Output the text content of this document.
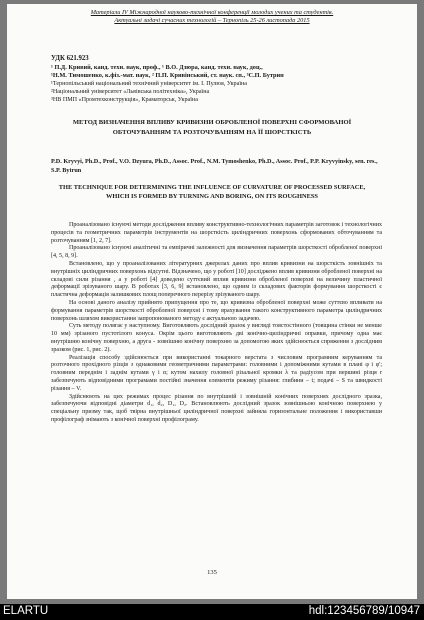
Матеріали IV Міжнародної науково-технічної конференції молодих учених та студентів.
Актуальні задачі сучасних технологій – Тернопіль 25-26 листопада 2015
УДК 621.923
¹ П.Д. Кривий, канд. техн. наук, проф., ¹ В.О. Дзюра, канд. техн. наук, доц.,
¹Н.М. Тимошенко, к.фіз.-мат. наук, ² П.П. Кривінський, ст. наук. сп., ³С.П. Бутрин
¹Тернопільський національний технічний університет ім. І. Пулюя, Україна
²Національний університет «Львівська політехніка», Україна
³НВ ПМП «Промтехконструкція», Краматорськ, Україна
МЕТОД ВИЗНАЧЕННЯ ВПЛИВУ КРИВИЗНИ ОБРОБЛЕНОЇ ПОВЕРХНІ СФОРМОВАНОЇ ОБТОЧУВАННЯМ ТА РОЗТОЧУВАННЯМ НА ЇЇ ШОРСТКІСТЬ
P.D. Kryvyi, Ph.D., Prof., V.O. Dzyura, Ph.D., Assoc. Prof., N.M. Tymoshenko, Ph.D., Assoc. Prof., P.P. Kryvyinsky, sen. res., S.P. Bytrun
THE TECHNIQUE FOR DETERMINING THE INFLUENCE OF CURVATURE OF PROCESSED SURFACE, WHICH IS FORMED BY TURNING AND BORING, ON ITS ROUGHNESS

Проаналізовано існуючі методи дослідження впливу конструктивно-технологічних параметрів заготовок і технологічних процесів та геометричних параметрів інструментів на шорсткість циліндричних поверхонь сформованих обточуванням та розточуванням [1, 2, 7].

Проаналізовано існуючі аналітичні та емпіричні залежності для визначення параметрів шорсткості обробленої поверхні [4, 5, 8, 9].

Встановлено, що у проаналізованих літературних джерелах даних про вплив кривизни на шорсткість зовнішніх та внутрішніх циліндричних поверхонь відсутні. Відзначено, що у роботі [10] досліджено вплив кривизни обробленої поверхні на складові сили різання , а у роботі [4] доведено суттєвий вплив кривизни обробленої поверхні на величину пластичної деформації зрізуваного шару. В роботах [3, 6, 9] встановлено, що одним із складових факторів формування шорсткості є пластична деформація залишкових площ поперечного перерізу зрізуваного шару.

На основі даного аналізу прийнято припущення про те, що кривизна обробленої поверхні може суттєво впливати на формування параметрів шорсткості обробленої поверхні і тому врахування такого конструктивного параметра циліндричних поверхонь шляхом використання запропонованого методу є актуальною задачею.

Суть методу полягає у наступному. Виготовляють дослідний зразок у вигляді товстостінного (товщина стінки не менше 10 мм) зрізаного пустотілого конуса. Окрім цього виготовляють дві конічно-циліндричні оправки, причому одна має внутрішню конічну поверхню, а друга - зовнішню конічну поверхню за допомогою яких здійснюється спряження з дослідним зразком (рис. 1, рис. 2).

Реалізація способу здійснюється при використанні токарного верстата з числовим програмним керуванням та розточного прохідного різців з однаковими геометричними параметрами: головними і допоміжними кутами в плані φ і φ'; головним переднім і заднім кутами γ і α; кутом нахилу головної різальної кромки λ та радіусом при вершині різця r забезпечують відповідними програмами постійні значення елементів режиму різання: глибини – t; подачі – S та швидкості різання – V.

Здійснюють на цих режимах процес різання по внутрішній і зовнішній конічних поверхнях дослідного зразка, забезпечуючи відповідні діаметри d₁, d₂, D₁, D₂. Встановлюють дослідний зразок зовнішньою конічною поверхнею у спеціальну призму так, щоб твірна внутрішньої циліндричної поверхні зайняла горизонтальне положення і використавши профілограф знімають з конічної поверхні профілограму.

135
ELARTU	hdl:123456789/10947
